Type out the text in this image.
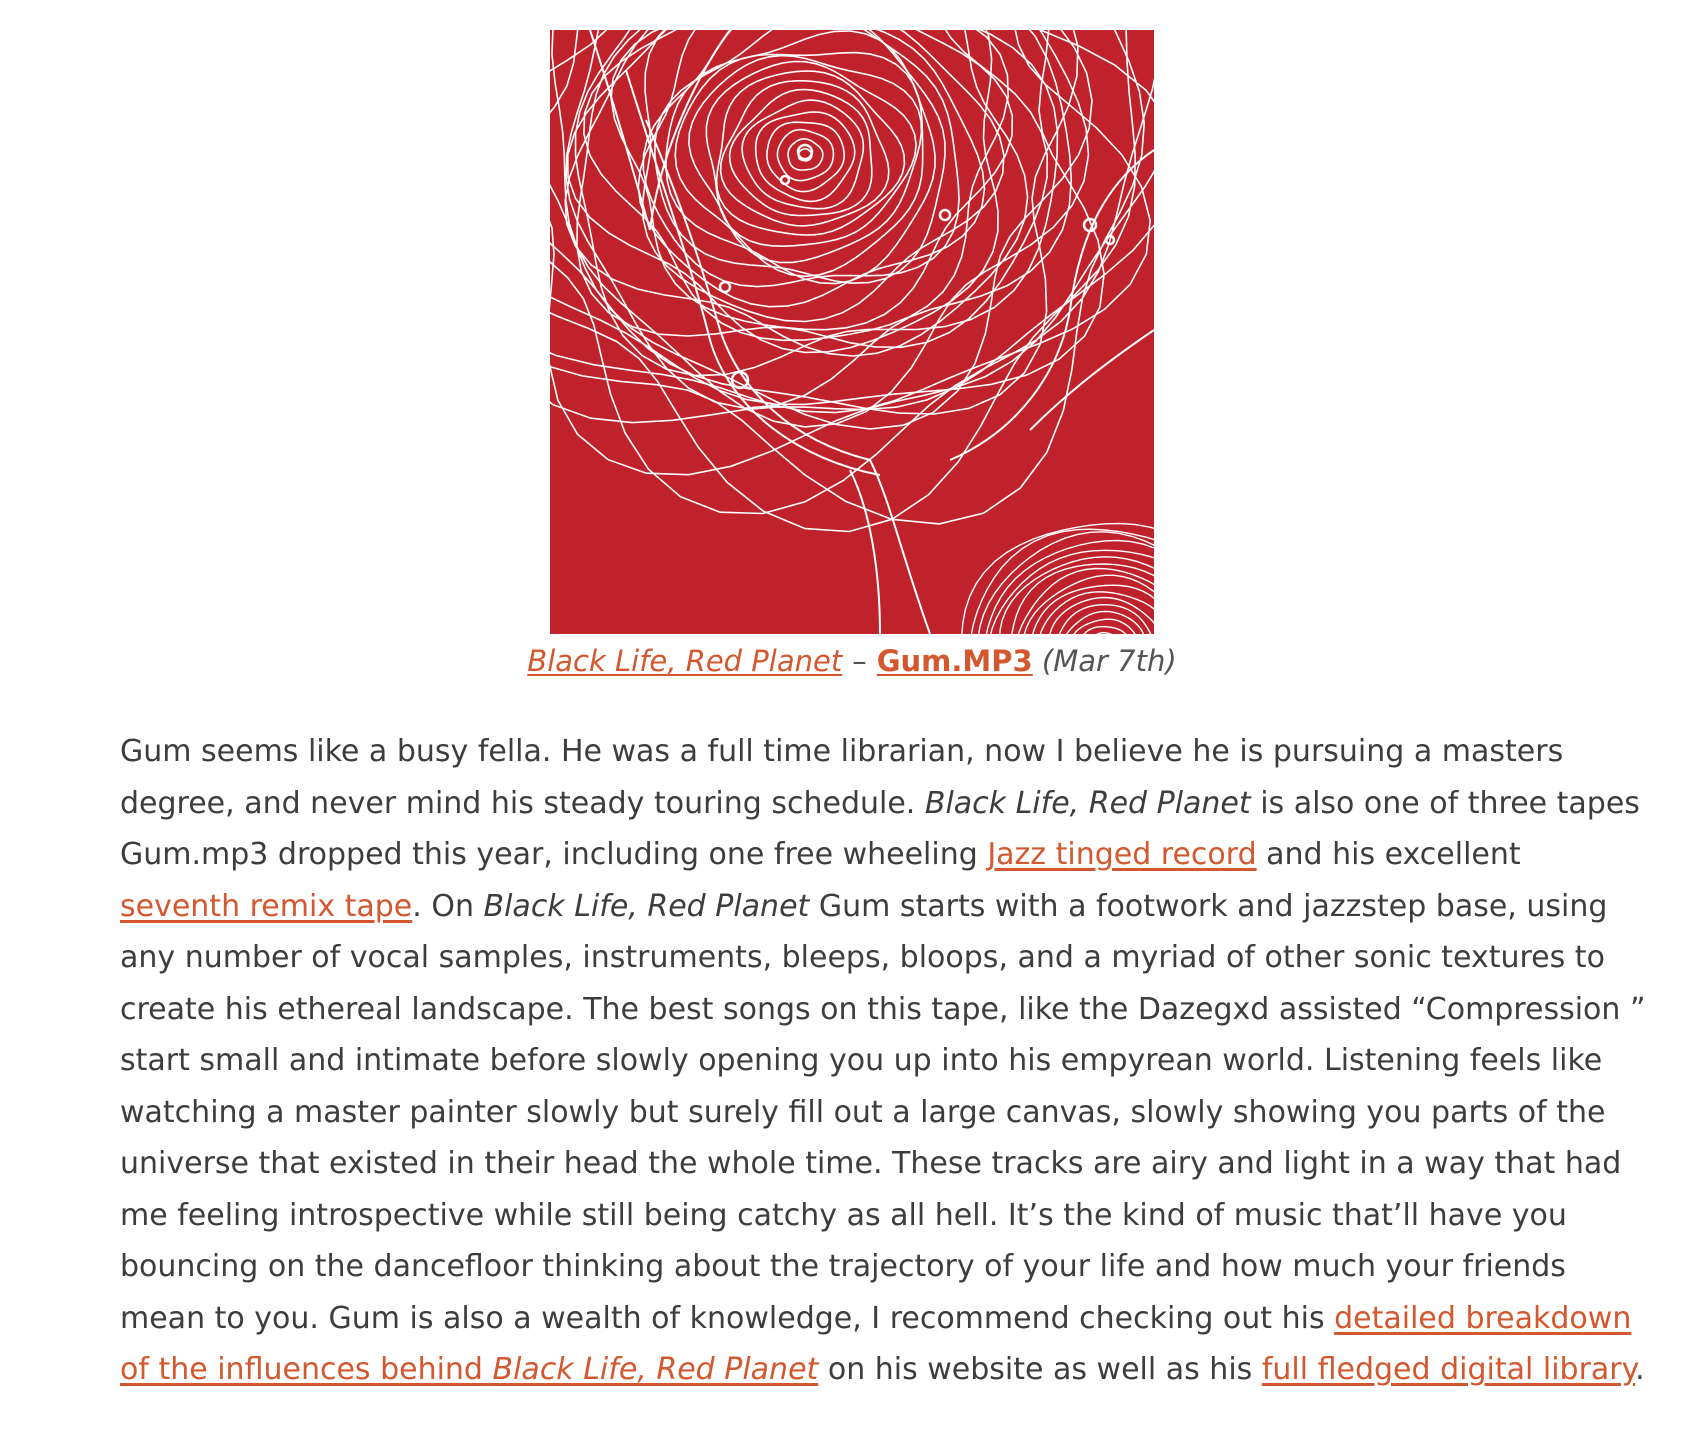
Black Life, Red Planet – Gum.MP3 (Mar 7th)

Gum seems like a busy fella. He was a full time librarian, now I believe he is pursuing a masters degree, and never mind his steady touring schedule. Black Life, Red Planet is also one of three tapes Gum.mp3 dropped this year, including one free wheeling Jazz tinged record and his excellent seventh remix tape. On Black Life, Red Planet Gum starts with a footwork and jazzstep base, using any number of vocal samples, instruments, bleeps, bloops, and a myriad of other sonic textures to create his ethereal landscape. The best songs on this tape, like the Dazegxd assisted “Compression ” start small and intimate before slowly opening you up into his empyrean world. Listening feels like watching a master painter slowly but surely fill out a large canvas, slowly showing you parts of the universe that existed in their head the whole time. These tracks are airy and light in a way that had me feeling introspective while still being catchy as all hell. It’s the kind of music that’ll have you bouncing on the dancefloor thinking about the trajectory of your life and how much your friends mean to you. Gum is also a wealth of knowledge, I recommend checking out his detailed breakdown of the influences behind Black Life, Red Planet on his website as well as his full fledged digital library.
